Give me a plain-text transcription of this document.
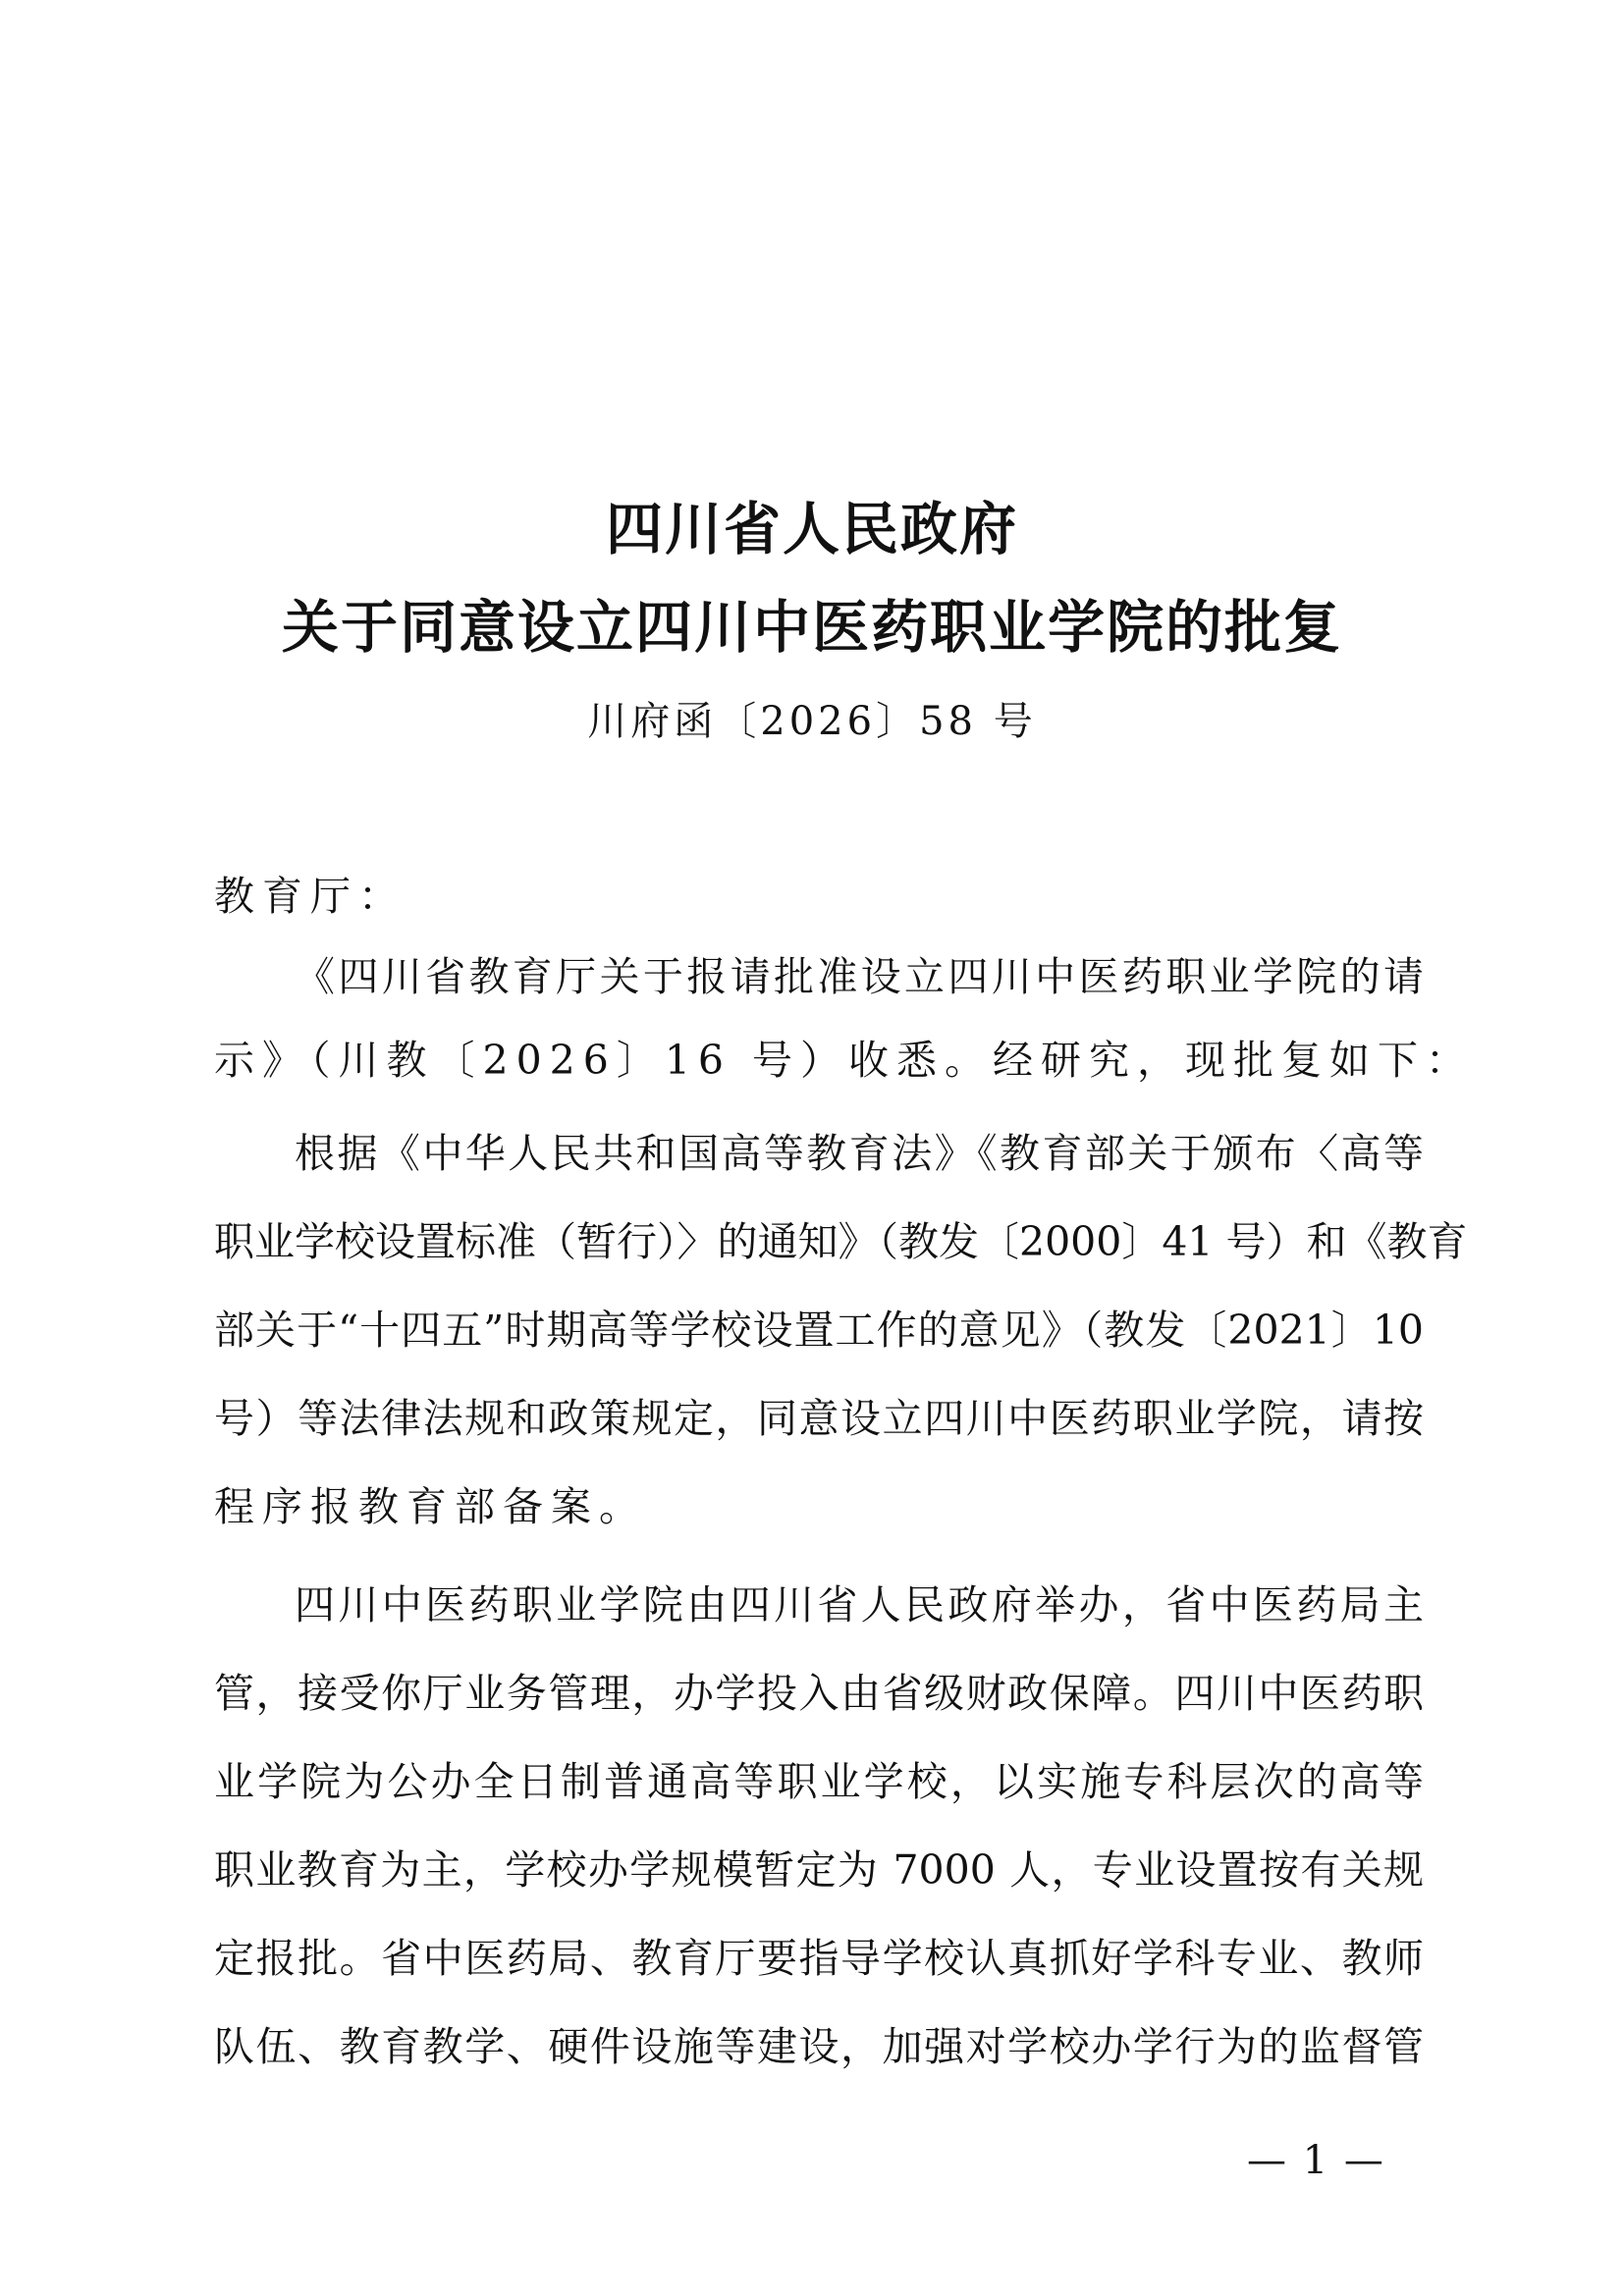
四川省人民政府
关于同意设立四川中医药职业学院的批复
川府函〔2026〕58 号
教育厅：
《四川省教育厅关于报请批准设立四川中医药职业学院的请
示》（川教〔2026〕16 号）收悉。经研究，现批复如下：
根据《中华人民共和国高等教育法》《教育部关于颁布〈高等
职业学校设置标准（暂行）〉的通知》（教发〔2000〕41 号）和《教育
部关于“十四五”时期高等学校设置工作的意见》（教发〔2021〕10
号）等法律法规和政策规定，同意设立四川中医药职业学院，请按
程序报教育部备案。
四川中医药职业学院由四川省人民政府举办，省中医药局主
管，接受你厅业务管理，办学投入由省级财政保障。四川中医药职
业学院为公办全日制普通高等职业学校，以实施专科层次的高等
职业教育为主，学校办学规模暂定为 7000 人，专业设置按有关规
定报批。省中医药局、教育厅要指导学校认真抓好学科专业、教师
队伍、教育教学、硬件设施等建设，加强对学校办学行为的监督管
— 1 —
